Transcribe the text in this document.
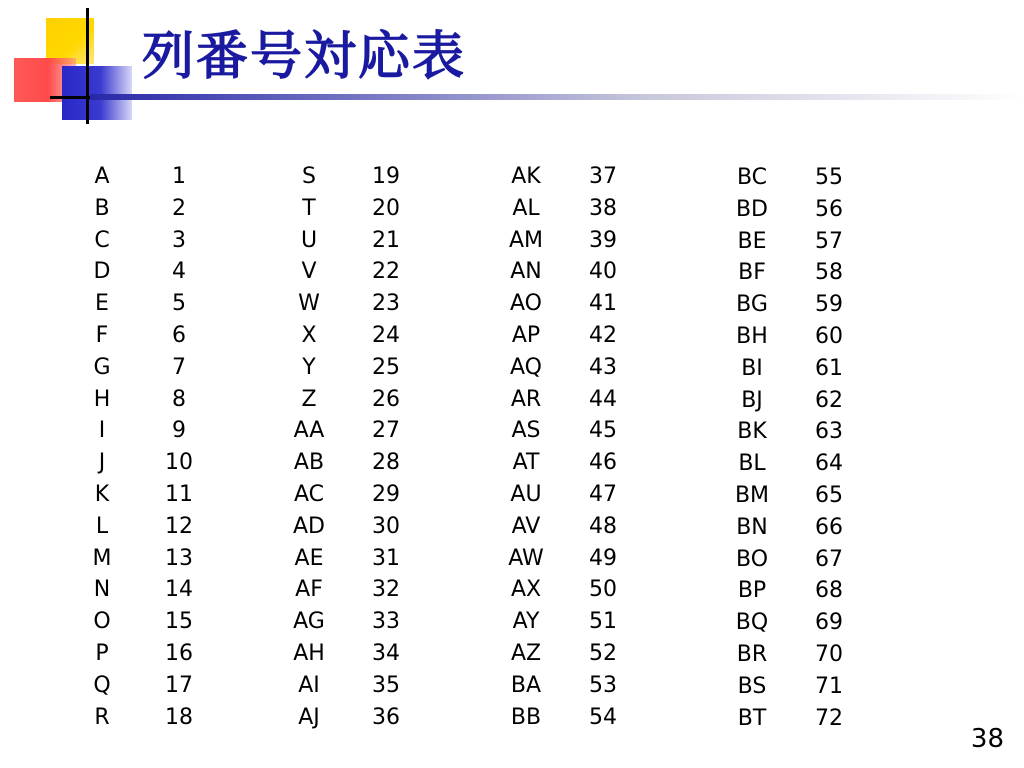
列番号対応表
A	1
B	2
C	3
D	4
E	5
F	6
G	7
H	8
I	9
J	10
K	11
L	12
M	13
N	14
O	15
P	16
Q	17
R	18
S	19
T	20
U	21
V	22
W	23
X	24
Y	25
Z	26
AA	27
AB	28
AC	29
AD	30
AE	31
AF	32
AG	33
AH	34
AI	35
AJ	36
AK	37
AL	38
AM	39
AN	40
AO	41
AP	42
AQ	43
AR	44
AS	45
AT	46
AU	47
AV	48
AW	49
AX	50
AY	51
AZ	52
BA	53
BB	54
BC	55
BD	56
BE	57
BF	58
BG	59
BH	60
BI	61
BJ	62
BK	63
BL	64
BM	65
BN	66
BO	67
BP	68
BQ	69
BR	70
BS	71
BT	72
38
